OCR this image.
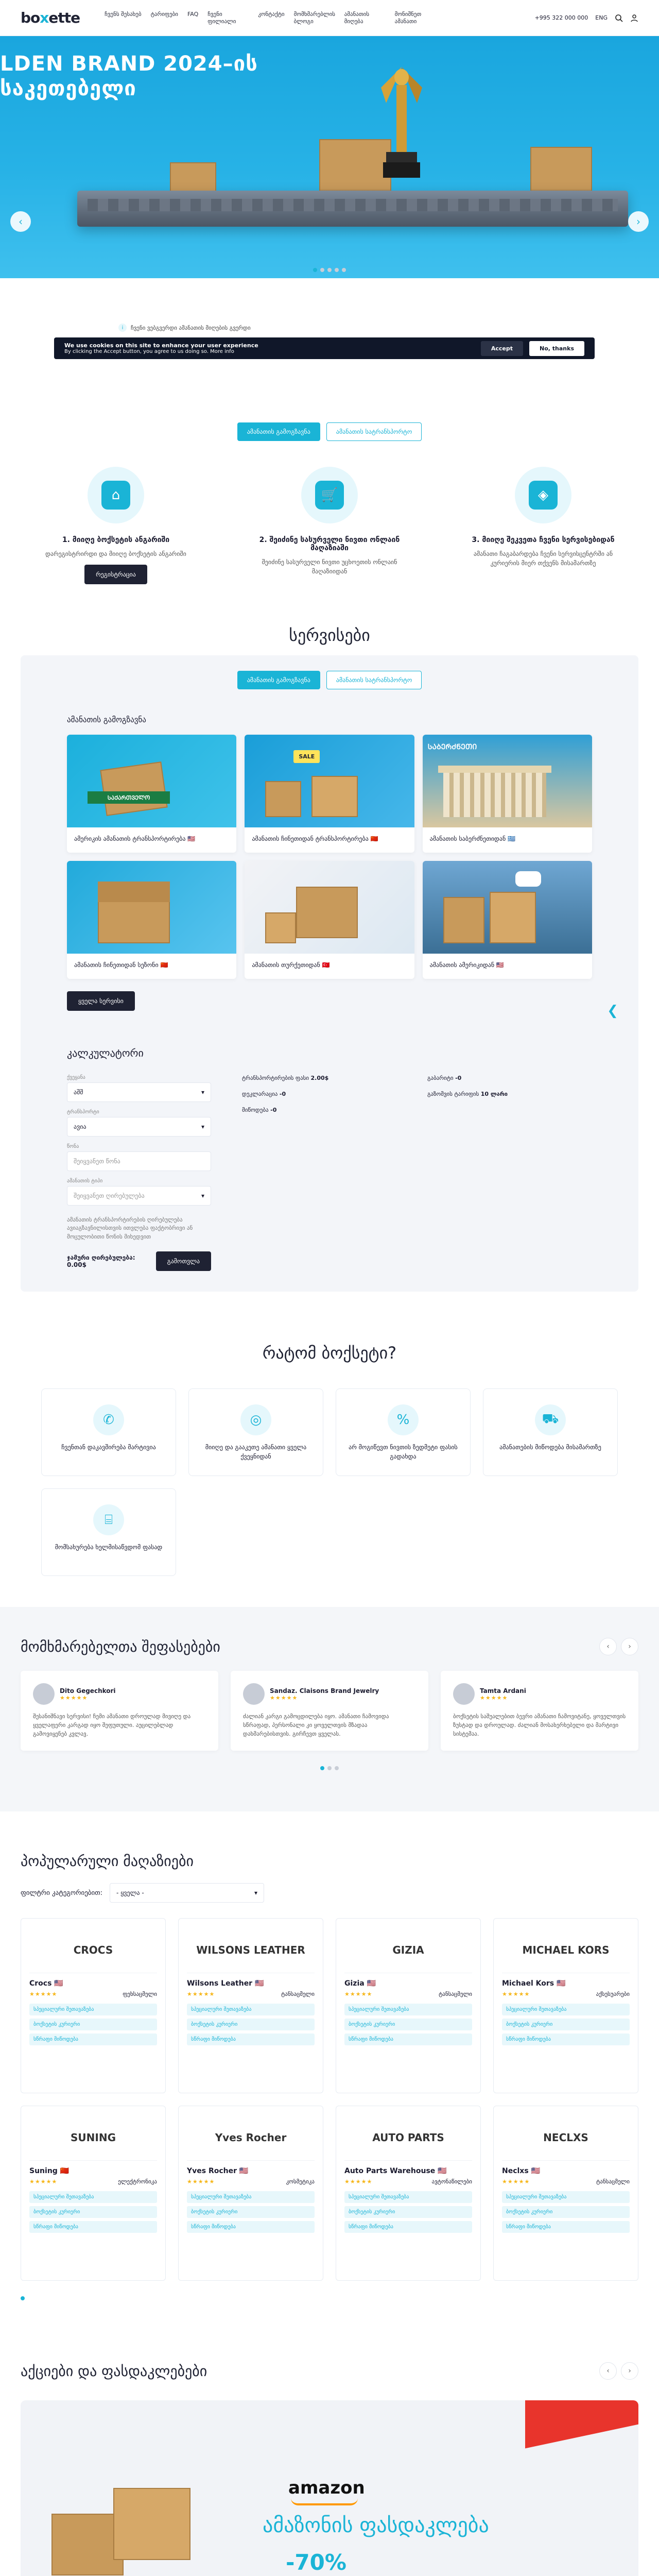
boxette	ჩვენს შესახებ ტარიფები FAQ ჩვენი ფილიალი
კონტაქტი მომხმარებლის ბლოგი
ამანათის მიღება
მონიშნეთ ამანათი	+995 322 000 000 ENG
LDEN BRAND 2024–ის
საკეთებელი
‹	›
i	ჩვენი ვებგვერდი ამანათის მიღების გვერდი
We use cookies on this site to enhance your user experience
By clicking the Accept button, you agree to us doing so. More info	Accept	No, thanks
ამანათის გამოგზავნა	ამანათის სატრანსპორტო
⌂
1. მიიღე ბოქსეტის ანგარიში

დარეგისტრირდი და მიიღე ბოქსეტის ანგარიში

რეგისტრაცია
🛒
2. შეიძინე სასურველი ნივთი ონლაინ მაღაზიაში

შეიძინე სასურველი ნივთი უცხოეთის ონლაინ მაღაზიიდან

◈
3. მიიღე შეკვეთა ჩვენი სერვისებიდან

ამანათი ჩაგაბარდება ჩვენი სერვისცენტრში ან კურიერის მიერ თქვენს მისამართზე

სერვისები
ამანათის გამოგზავნა	ამანათის სატრანსპორტო
ამანათის გამოგზავნა
ᲡᲐᲥᲐᲠᲗᲕᲔᲚᲝ
ამერიკის ამანათის ტრანსპორტირება 🇺🇸
SALE
ამანათის ჩინეთიდან ტრანსპორტირება 🇨🇳
ᲡᲐᲑᲔᲠᲫᲜᲔᲗᲘ
ამანათის საბერძნეთიდან 🇬🇷
ამანათის ჩინეთიდან სეზონი 🇨🇳	ამანათის თურქეთიდან 🇹🇷	ამანათის ამერიკიდან 🇺🇸
ყველა სერვისი
❮
კალკულატორი
ქვეყანა
აშშ	▾
ტრანსპორტი
ავია	▾
წონა
შეიყვანეთ წონა
ამანათის ტიპი
შეიყვანეთ ღირებულება	▾

ამანათის ტრანსპორტირების ღირებულება ავიაგზავნილისთვის ითვლება ფაქტობრივი ან მოცულობითი წონის მიხედვით

ჯამური ღირებულება: 0.00$	გამოთვლა
ტრანსპორტირების ფასი 2.00$	გაბარიტი -0
დეკლარაცია -0	გაზომვის ტარიფის 10 ლარი
მიწოდება -0
რატომ ბოქსეტი?
✆

ჩვენთან დაკავშირება მარტივია

◎

მიიღე და გააკეთე ამანათი ყველა ქვეყნიდან

%

არ მოგიწევთ ნივთის ზედმეტი ფასის გადახდა

⛟

ამანათების მიწოდება მისამართზე

⌸

მომსახურება ხელმისაწვდომ ფასად

მომხმარებელთა შეფასებები	‹	›
Dito Gegechkori
★★★★★

შესანიშნავი სერვისი! ჩემი ამანათი დროულად მივიღე და ყველაფერი კარგად იყო შეფუთული. აუცილებლად გამოვიყენებ კვლავ.

Sandaz. Claisons Brand Jewelry
★★★★★

ძალიან კარგი გამოცდილება იყო. ამანათი ჩამოვიდა სწრაფად, პერსონალი კი ყოველთვის მზადაა დახმარებისთვის. გირჩევთ ყველას.

Tamta Ardani
★★★★★

ბოქსეტის საშუალებით ბევრი ამანათი ჩამოვიტანე, ყოველთვის ზუსტად და დროულად. ძალიან მოსახერხებელი და მარტივი სისტემაა.

პოპულარული მაღაზიები
ფილტრი კატეგორიებით: - ყველა -	▾
CROCS
Crocs 🇺🇸
★★★★★	ფეხსაცმელი
სპეციალური შეთავაზება
ბოქსეტის კურიერი
სწრაფი მიწოდება
WILSONS LEATHER
Wilsons Leather 🇺🇸
★★★★★	ტანსაცმელი
სპეციალური შეთავაზება
ბოქსეტის კურიერი
სწრაფი მიწოდება
GIZIA
Gizia 🇺🇸
★★★★★	ტანსაცმელი
სპეციალური შეთავაზება
ბოქსეტის კურიერი
სწრაფი მიწოდება
MICHAEL KORS
Michael Kors 🇺🇸
★★★★★	აქსესუარები
სპეციალური შეთავაზება
ბოქსეტის კურიერი
სწრაფი მიწოდება
SUNING
Suning 🇨🇳
★★★★★	ელექტრონიკა
სპეციალური შეთავაზება
ბოქსეტის კურიერი
სწრაფი მიწოდება
Yves Rocher
Yves Rocher 🇺🇸
★★★★★	კოსმეტიკა
სპეციალური შეთავაზება
ბოქსეტის კურიერი
სწრაფი მიწოდება
AUTO PARTS
Auto Parts Warehouse 🇺🇸
★★★★★	ავტონაწილები
სპეციალური შეთავაზება
ბოქსეტის კურიერი
სწრაფი მიწოდება
NECLXS
Neclxs 🇺🇸
★★★★★	ტანსაცმელი
სპეციალური შეთავაზება
ბოქსეტის კურიერი
სწრაფი მიწოდება
აქციები და ფასდაკლებები	‹	›
amazon
ამაზონის ფასდაკლება
-70%
